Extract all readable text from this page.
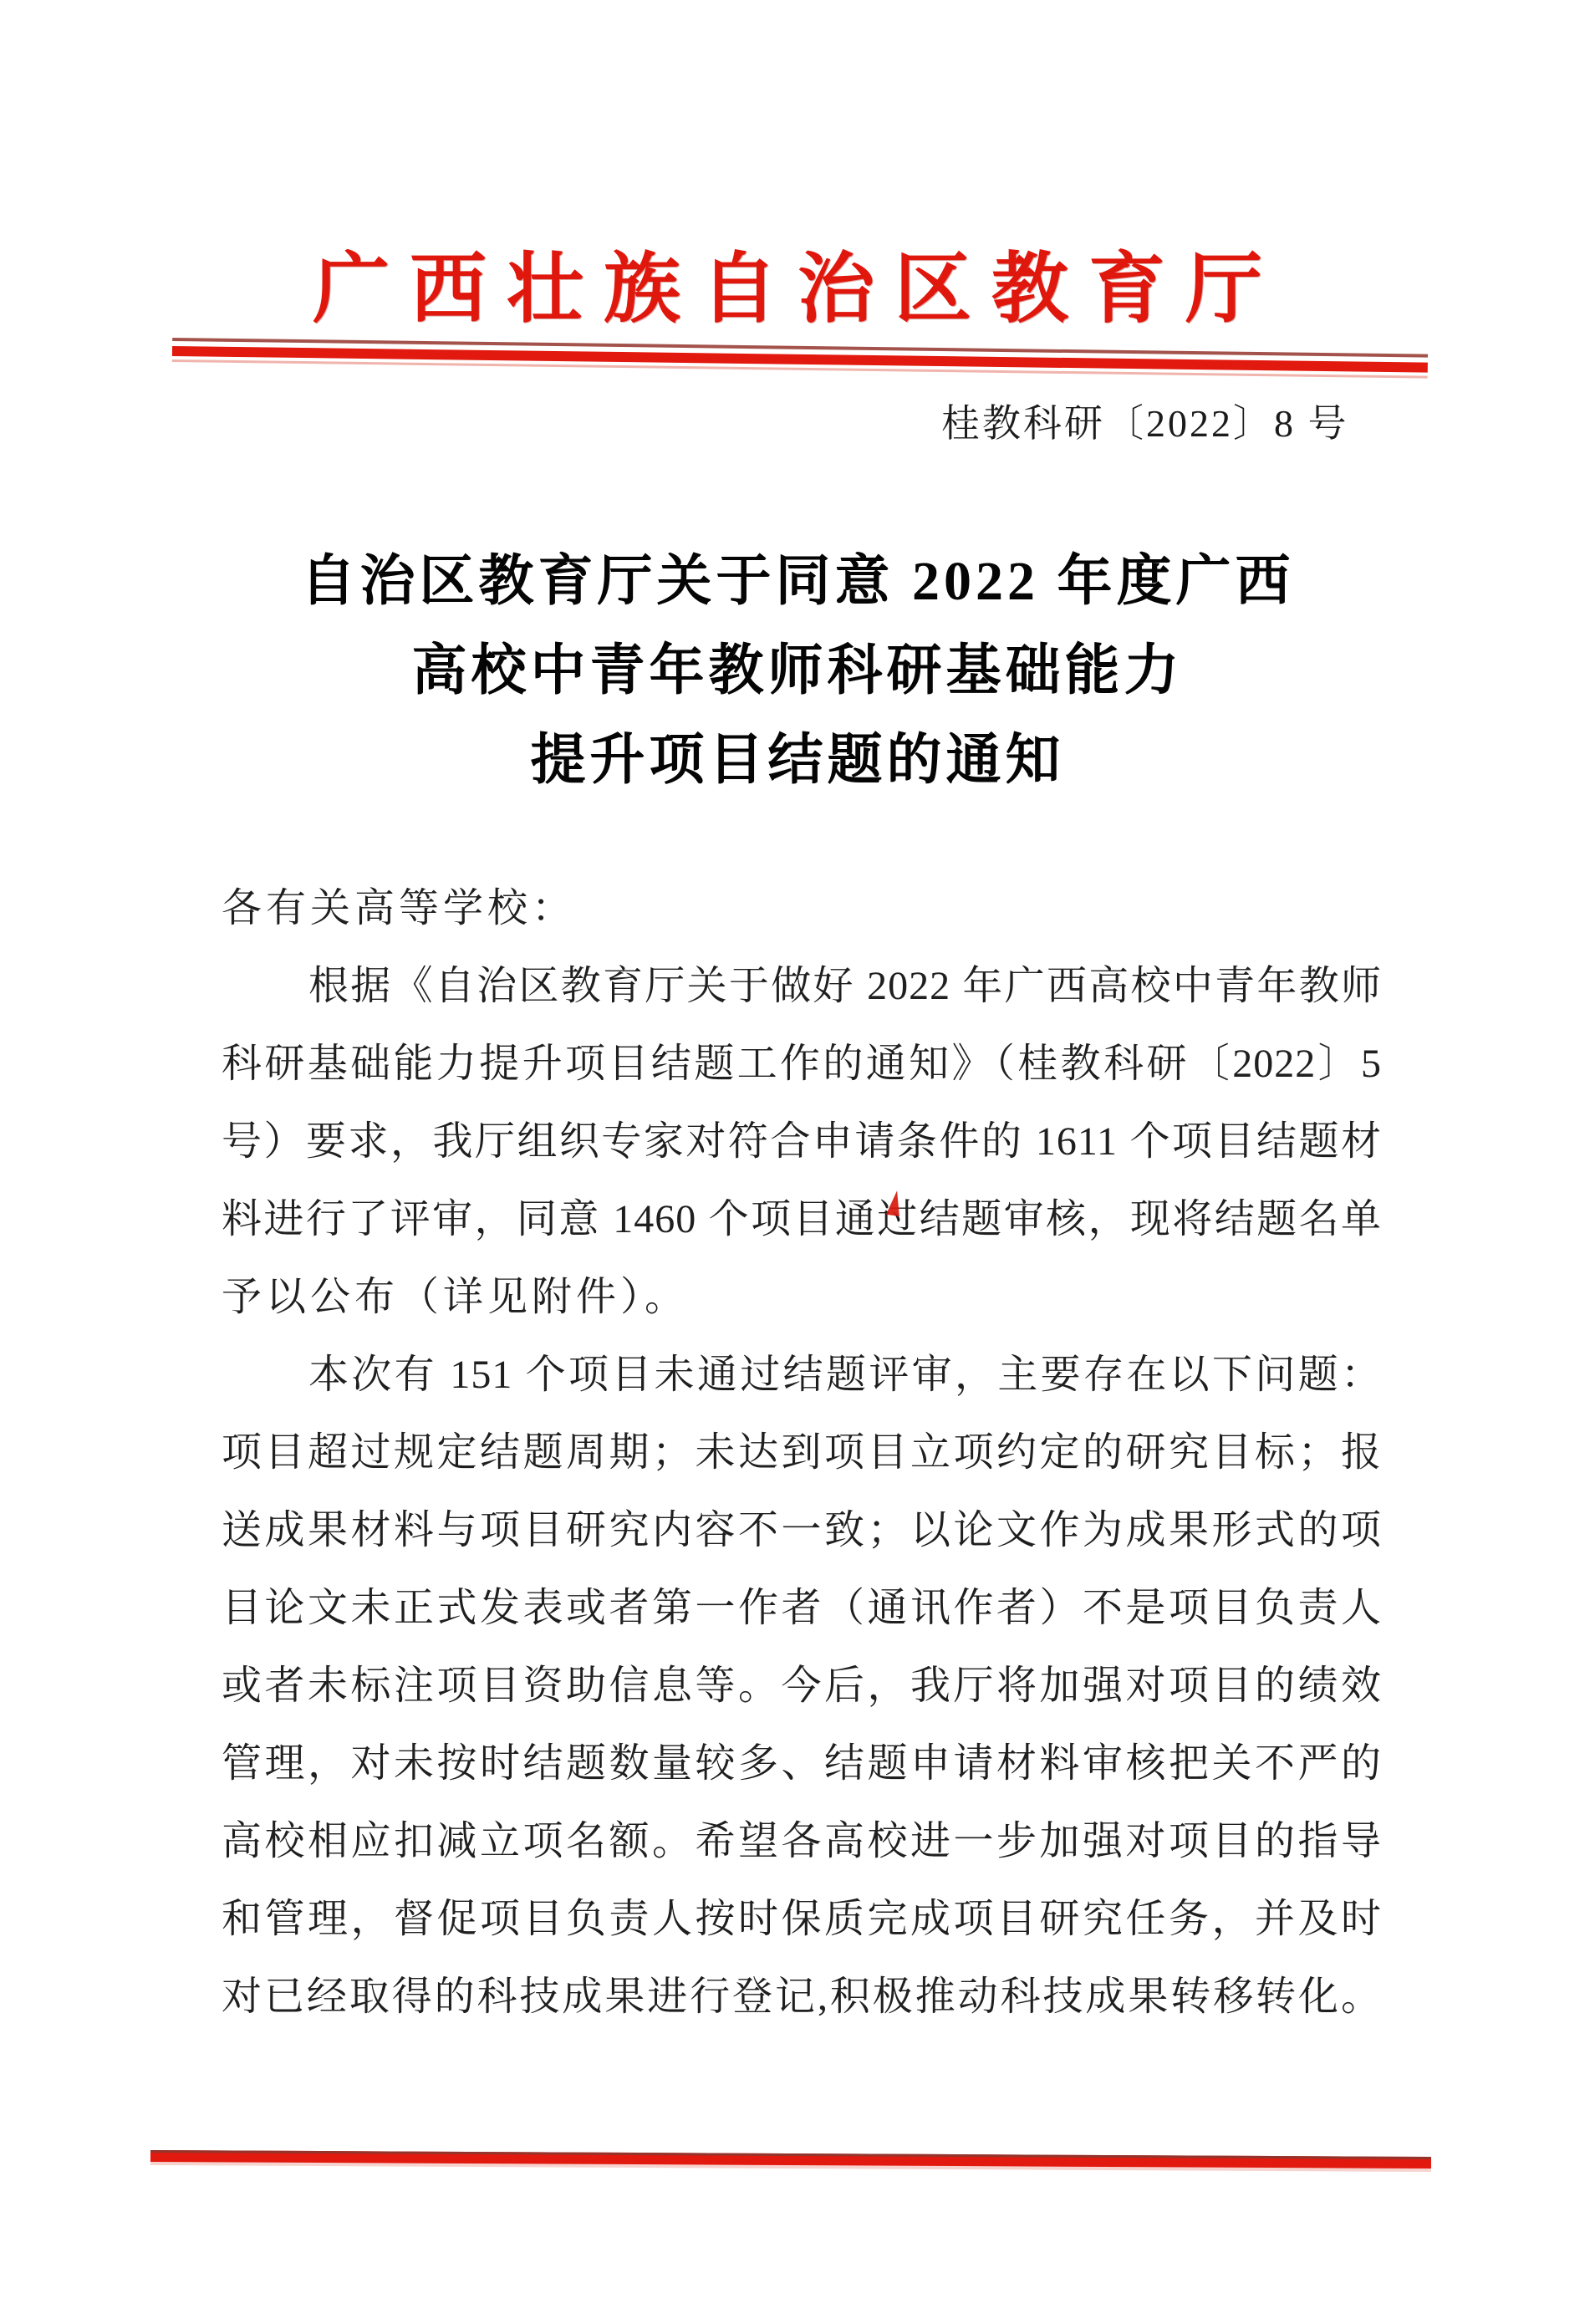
广西壮族自治区教育厅
桂教科研〔2022〕8 号
自治区教育厅关于同意 2022 年度广西
高校中青年教师科研基础能力
提升项目结题的通知
各有关高等学校：
根据《自治区教育厅关于做好 2022 年广西高校中青年教师
科研基础能力提升项目结题工作的通知》（桂教科研〔2022〕5
号）要求，我厅组织专家对符合申请条件的 1611 个项目结题材
料进行了评审，同意 1460 个项目通过结题审核，现将结题名单
予以公布（详见附件）。
本次有 151 个项目未通过结题评审，主要存在以下问题：
项目超过规定结题周期；未达到项目立项约定的研究目标；报
送成果材料与项目研究内容不一致；以论文作为成果形式的项
目论文未正式发表或者第一作者（通讯作者）不是项目负责人
或者未标注项目资助信息等。今后，我厅将加强对项目的绩效
管理，对未按时结题数量较多、结题申请材料审核把关不严的
高校相应扣减立项名额。希望各高校进一步加强对项目的指导
和管理，督促项目负责人按时保质完成项目研究任务，并及时
对已经取得的科技成果进行登记,积极推动科技成果转移转化。
